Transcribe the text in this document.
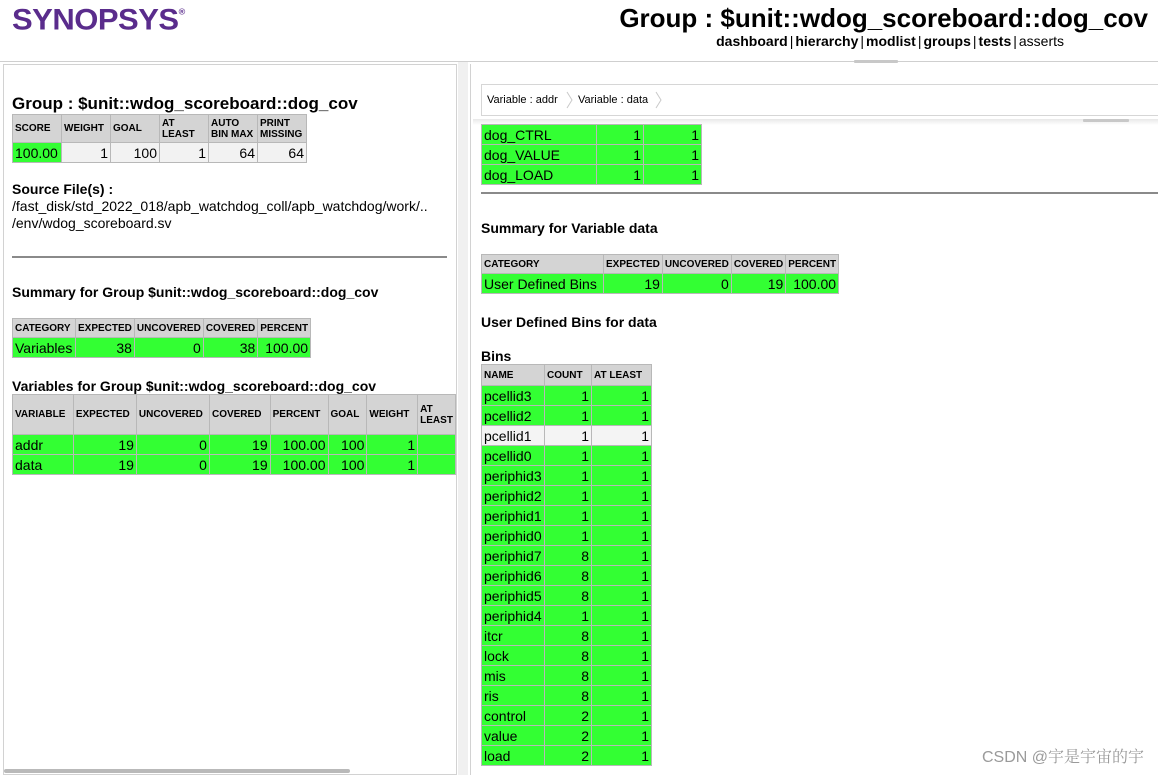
SYNOPSYS®	Group : $unit::wdog_scoreboard::dog_cov
dashboard | hierarchy | modlist | groups | tests | asserts
Group : $unit::wdog_scoreboard::dog_cov
SCORE	WEIGHT	GOAL	AT LEAST	AUTO BIN MAX	PRINT MISSING
100.00	1	100	1	64	64
Source File(s) :
/fast_disk/std_2022_018/apb_watchdog_coll/apb_watchdog/work/..
/env/wdog_scoreboard.sv
Summary for Group $unit::wdog_scoreboard::dog_cov
CATEGORY	EXPECTED	UNCOVERED	COVERED	PERCENT
Variables	38	0	38	100.00
Variables for Group $unit::wdog_scoreboard::dog_cov
VARIABLE	EXPECTED	UNCOVERED	COVERED	PERCENT	GOAL	WEIGHT	AT LEAST
addr	19	0	19	100.00	100	1	
data	19	0	19	100.00	100	1	
Variable : addr Variable : data
dog_CTRL	1	1
dog_VALUE	1	1
dog_LOAD	1	1
Summary for Variable data
CATEGORY	EXPECTED	UNCOVERED	COVERED	PERCENT
User Defined Bins	19	0	19	100.00
User Defined Bins for data
Bins
NAME	COUNT	AT LEAST
pcellid3	1	1
pcellid2	1	1
pcellid1	1	1
pcellid0	1	1
periphid3	1	1
periphid2	1	1
periphid1	1	1
periphid0	1	1
periphid7	8	1
periphid6	8	1
periphid5	8	1
periphid4	1	1
itcr	8	1
lock	8	1
mis	8	1
ris	8	1
control	2	1
value	2	1
load	2	1	CSDN @宇是宇宙的宇
